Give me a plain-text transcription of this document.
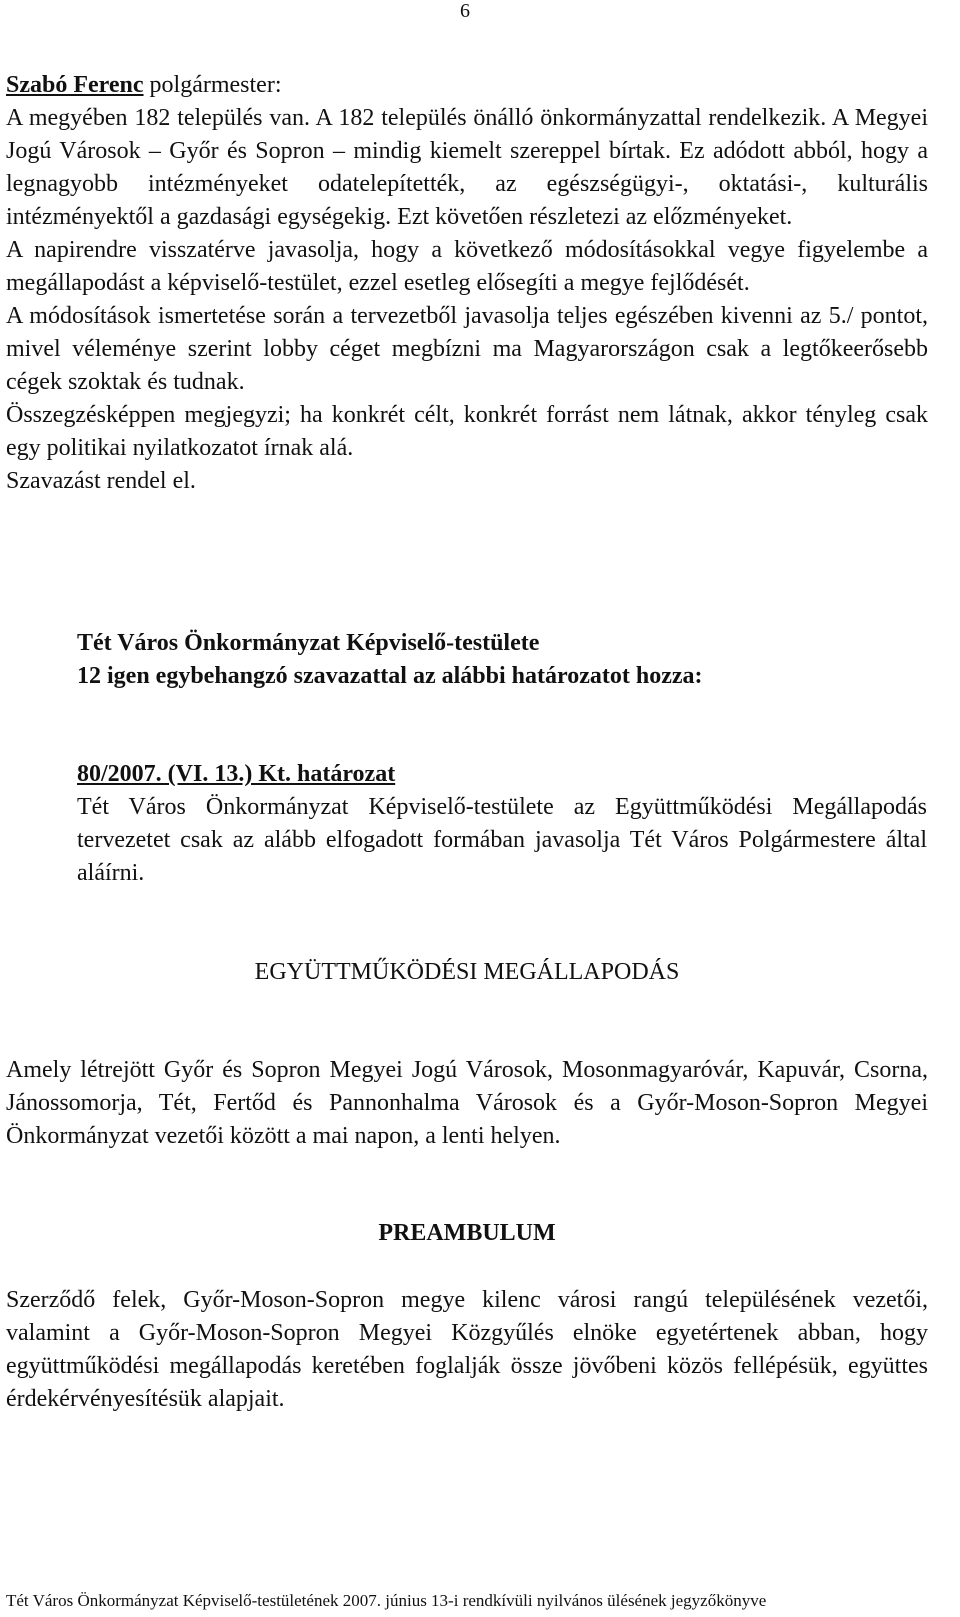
6

Szabó Ferenc polgármester:

A megyében 182 település van. A 182 település önálló önkormányzattal rendelkezik. A Megyei Jogú Városok – Győr és Sopron – mindig kiemelt szereppel bírtak. Ez adódott abból, hogy a legnagyobb intézményeket odatelepítették, az egészségügyi-, oktatási-, kulturális intézményektől a gazdasági egységekig. Ezt követően részletezi az előzményeket.

A napirendre visszatérve javasolja, hogy a következő módosításokkal vegye figyelembe a megállapodást a képviselő-testület, ezzel esetleg elősegíti a megye fejlődését.

A módosítások ismertetése során a tervezetből javasolja teljes egészében kivenni az 5./ pontot, mivel véleménye szerint lobby céget megbízni ma Magyarországon csak a legtőkeerősebb cégek szoktak és tudnak.

Összegzésképpen megjegyzi; ha konkrét célt, konkrét forrást nem látnak, akkor tényleg csak egy politikai nyilatkozatot írnak alá.

Szavazást rendel el.

Tét Város Önkormányzat Képviselő-testülete
12 igen egybehangzó szavazattal az alábbi határozatot hozza:

80/2007. (VI. 13.) Kt. határozat

Tét Város Önkormányzat Képviselő-testülete az Együttműködési Megállapodás tervezetet csak az alább elfogadott formában javasolja Tét Város Polgármestere által aláírni.

EGYÜTTMŰKÖDÉSI MEGÁLLAPODÁS
Amely létrejött Győr és Sopron Megyei Jogú Városok, Mosonmagyaróvár, Kapuvár, Csorna, Jánossomorja, Tét, Fertőd és Pannonhalma Városok és a Győr-Moson-Sopron Megyei Önkormányzat vezetői között a mai napon, a lenti helyen.
PREAMBULUM
Szerződő felek, Győr-Moson-Sopron megye kilenc városi rangú településének vezetői, valamint a Győr-Moson-Sopron Megyei Közgyűlés elnöke egyetértenek abban, hogy együttműködési megállapodás keretében foglalják össze jövőbeni közös fellépésük, együttes érdekérvényesítésük alapjait.
Tét Város Önkormányzat Képviselő-testületének 2007. június 13-i rendkívüli nyilvános ülésének jegyzőkönyve
